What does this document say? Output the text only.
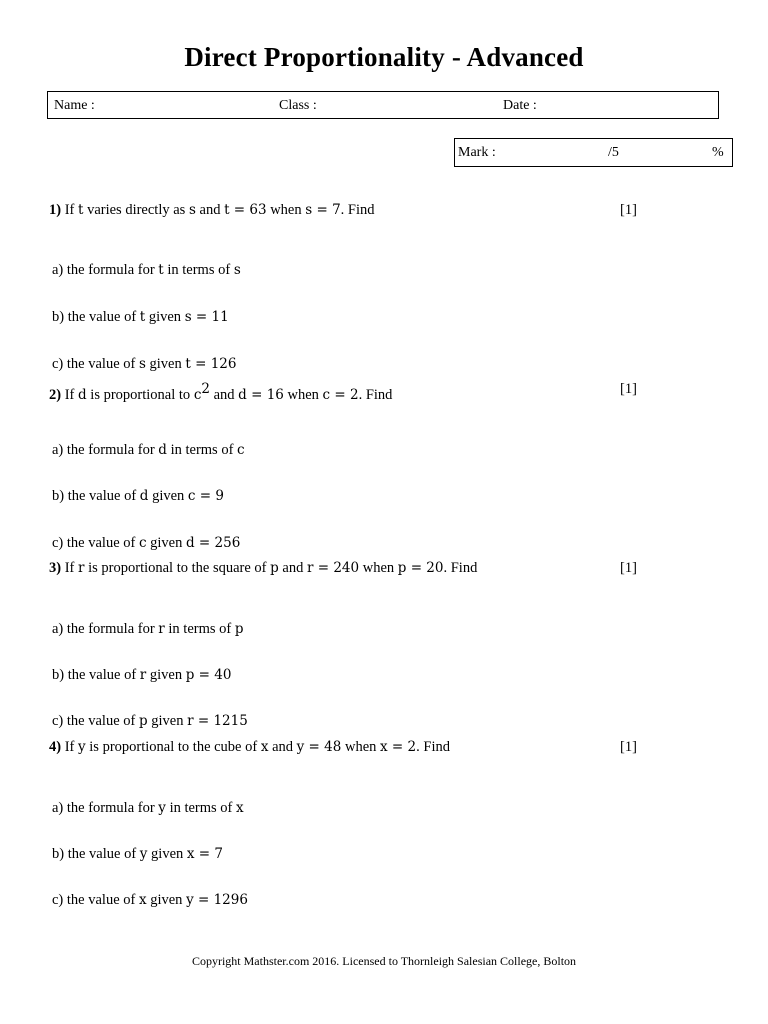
Direct Proportionality - Advanced
Name :	Class :	Date :
Mark :	/5	%
1) If t varies directly as s and t = 63 when s = 7. Find	[1]
a) the formula for t in terms of s
b) the value of t given s = 11
c) the value of s given t = 126
2) If d is proportional to $c^2$ and d = 16 when c = 2. Find	[1]
a) the formula for d in terms of c
b) the value of d given c = 9
c) the value of c given d = 256
3) If r is proportional to the square of p and r = 240 when p = 20. Find	[1]
a) the formula for r in terms of p
b) the value of r given p = 40
c) the value of p given r = 1215
4) If y is proportional to the cube of x and y = 48 when x = 2. Find	[1]
a) the formula for y in terms of x
b) the value of y given x = 7
c) the value of x given y = 1296
Copyright Mathster.com 2016. Licensed to Thornleigh Salesian College, Bolton
